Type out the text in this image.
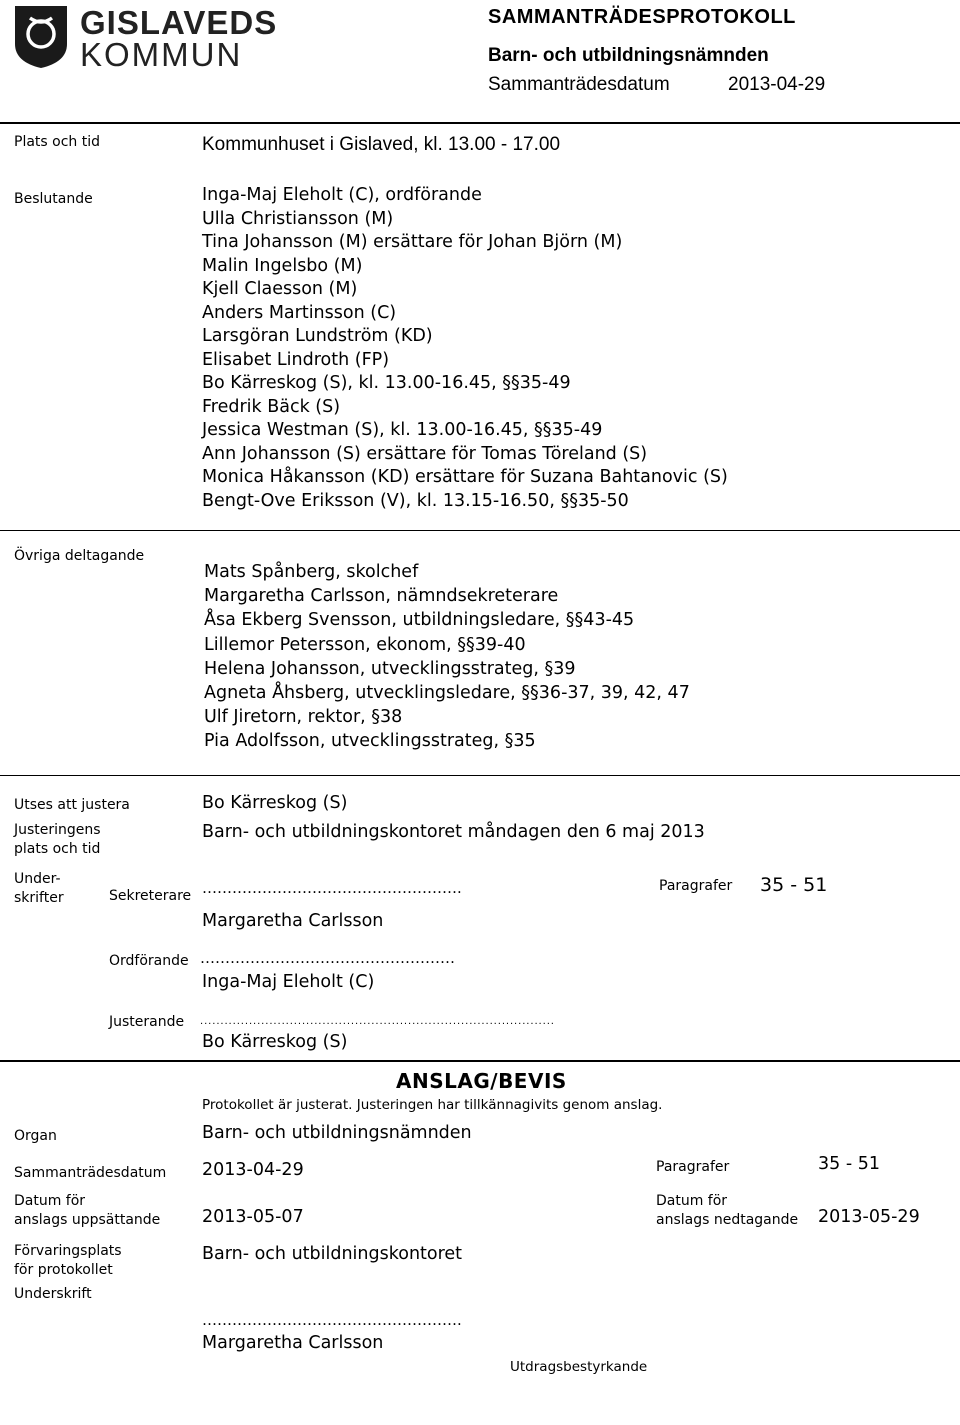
GISLAVEDS
KOMMUN
SAMMANTRÄDESPROTOKOLL
Barn- och utbildningsnämnden
Sammanträdesdatum	2013-04-29
Plats och tid	Kommunhuset i Gislaved, kl. 13.00 - 17.00
Beslutande	Inga-Maj Eleholt (C), ordförande
Ulla Christiansson (M)
Tina Johansson (M) ersättare för Johan Björn (M)
Malin Ingelsbo (M)
Kjell Claesson (M)
Anders Martinsson (C)
Larsgöran Lundström (KD)
Elisabet Lindroth (FP)
Bo Kärreskog (S), kl. 13.00-16.45, §§35-49
Fredrik Bäck (S)
Jessica Westman (S), kl. 13.00-16.45, §§35-49
Ann Johansson (S) ersättare för Tomas Töreland (S)
Monica Håkansson (KD) ersättare för Suzana Bahtanovic (S)
Bengt-Ove Eriksson (V), kl. 13.15-16.50, §§35-50
Övriga deltagande
Mats Spånberg, skolchef
Margaretha Carlsson, nämndsekreterare
Åsa Ekberg Svensson, utbildningsledare, §§43-45
Lillemor Petersson, ekonom, §§39-40
Helena Johansson, utvecklingsstrateg, §39
Agneta Åhsberg, utvecklingsledare, §§36-37, 39, 42, 47
Ulf Jiretorn, rektor, §38
Pia Adolfsson, utvecklingsstrateg, §35
Utses att justera	Bo Kärreskog (S)
Justeringens
plats och tid
Barn- och utbildningskontoret måndagen den 6 maj 2013
Under-
skrifter	Sekreterare …………………………………………….
Margaretha Carlsson
Paragrafer 35 - 51
Ordförande ……………………………………………
Inga-Maj Eleholt (C)
Justerande .......................................................................................
Bo Kärreskog (S)
ANSLAG/BEVIS
Protokollet är justerat. Justeringen har tillkännagivits genom anslag.
Organ	Barn- och utbildningsnämnden
Sammanträdesdatum 2013-04-29	Paragrafer	35 - 51
Datum för
anslags uppsättande 2013-05-07
Datum för
anslags nedtagande 2013-05-29
Förvaringsplats
för protokollet
Barn- och utbildningskontoret
Underskrift
…………………………………………….
Margaretha Carlsson
Utdragsbestyrkande
